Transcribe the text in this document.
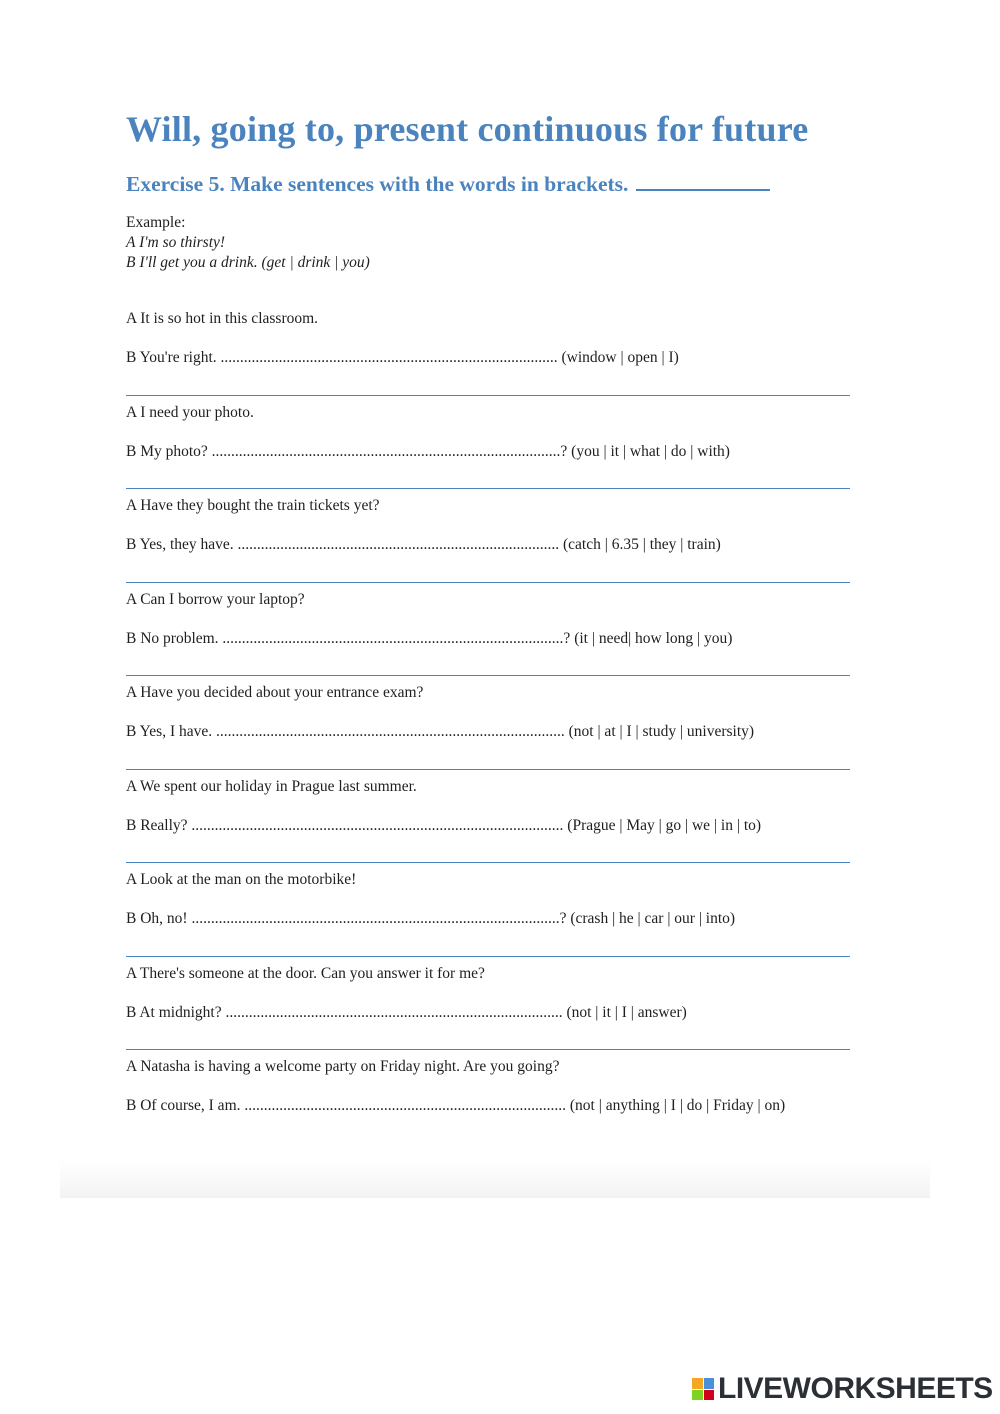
Will, going to, present continuous for future
Exercise 5. Make sentences with the words in brackets.
Example:
A I'm so thirsty!
B I'll get you a drink. (get | drink | you)
A It is so hot in this classroom.
B You're right. ....................................................................................... (window | open | I)
A I need your photo.
B My photo? ..........................................................................................? (you | it | what | do | with)
A Have they bought the train tickets yet?
B Yes, they have. ................................................................................... (catch | 6.35 | they | train)
A Can I borrow your laptop?
B No problem. ........................................................................................? (it | need| how long | you)
A Have you decided about your entrance exam?
B Yes, I have. .......................................................................................... (not | at | I | study | university)
A We spent our holiday in Prague last summer.
B Really? ................................................................................................ (Prague | May | go | we | in | to)
A Look at the man on the motorbike!
B Oh, no! ...............................................................................................? (crash | he | car | our | into)
A There's someone at the door. Can you answer it for me?
B At midnight? ....................................................................................... (not | it | I | answer)
A Natasha is having a welcome party on Friday night. Are you going?
B Of course, I am. ................................................................................... (not | anything | I | do | Friday | on)
LIVEWORKSHEETS
